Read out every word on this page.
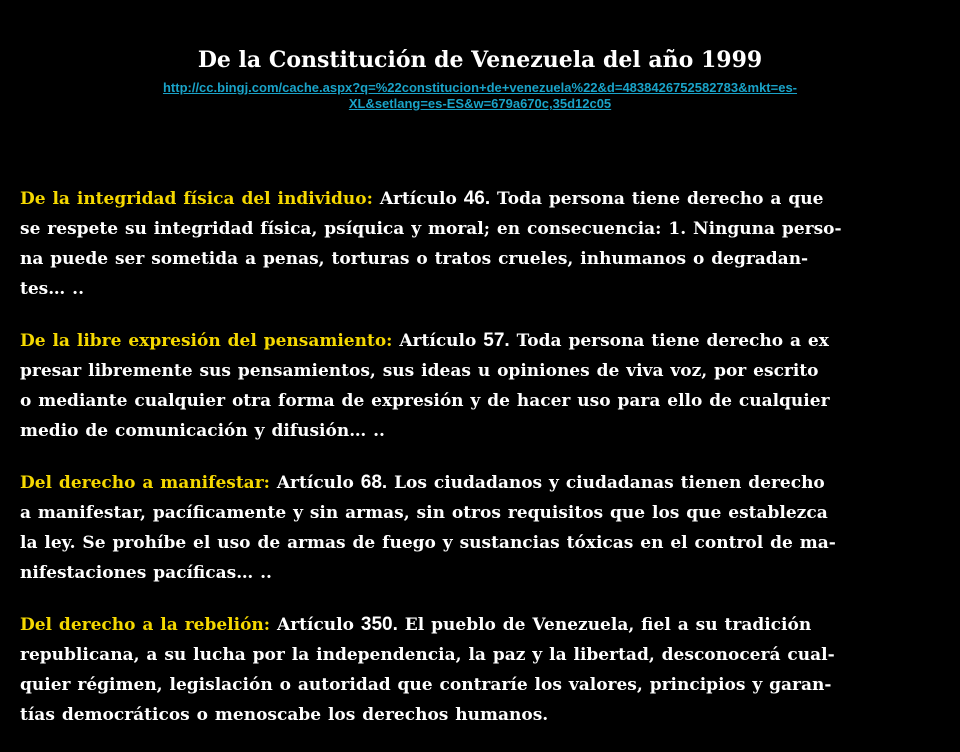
De la Constitución de Venezuela del año 1999
http://cc.bingj.com/cache.aspx?q=%22constitucion+de+venezuela%22&d=4838426752582783&mkt=es-
XL&setlang=es-ES&w=679a670c,35d12c05

De la integridad física del individuo: Artículo 46. Toda persona tiene derecho a que
se respete su integridad física, psíquica y moral; en consecuencia: 1. Ninguna perso-
na puede ser sometida a penas, torturas o tratos crueles, inhumanos o degradan-
tes… ..

De la libre expresión del pensamiento: Artículo 57. Toda persona tiene derecho a ex
presar libremente sus pensamientos, sus ideas u opiniones de viva voz, por escrito
o mediante cualquier otra forma de expresión y de hacer uso para ello de cualquier
medio de comunicación y difusión… ..

Del derecho a manifestar: Artículo 68. Los ciudadanos y ciudadanas tienen derecho
a manifestar, pacíficamente y sin armas, sin otros requisitos que los que establezca
la ley. Se prohíbe el uso de armas de fuego y sustancias tóxicas en el control de ma-
nifestaciones pacíficas… ..

Del derecho a la rebelión: Artículo 350. El pueblo de Venezuela, fiel a su tradición
republicana, a su lucha por la independencia, la paz y la libertad, desconocerá cual-
quier régimen, legislación o autoridad que contraríe los valores, principios y garan-
tías democráticos o menoscabe los derechos humanos.
